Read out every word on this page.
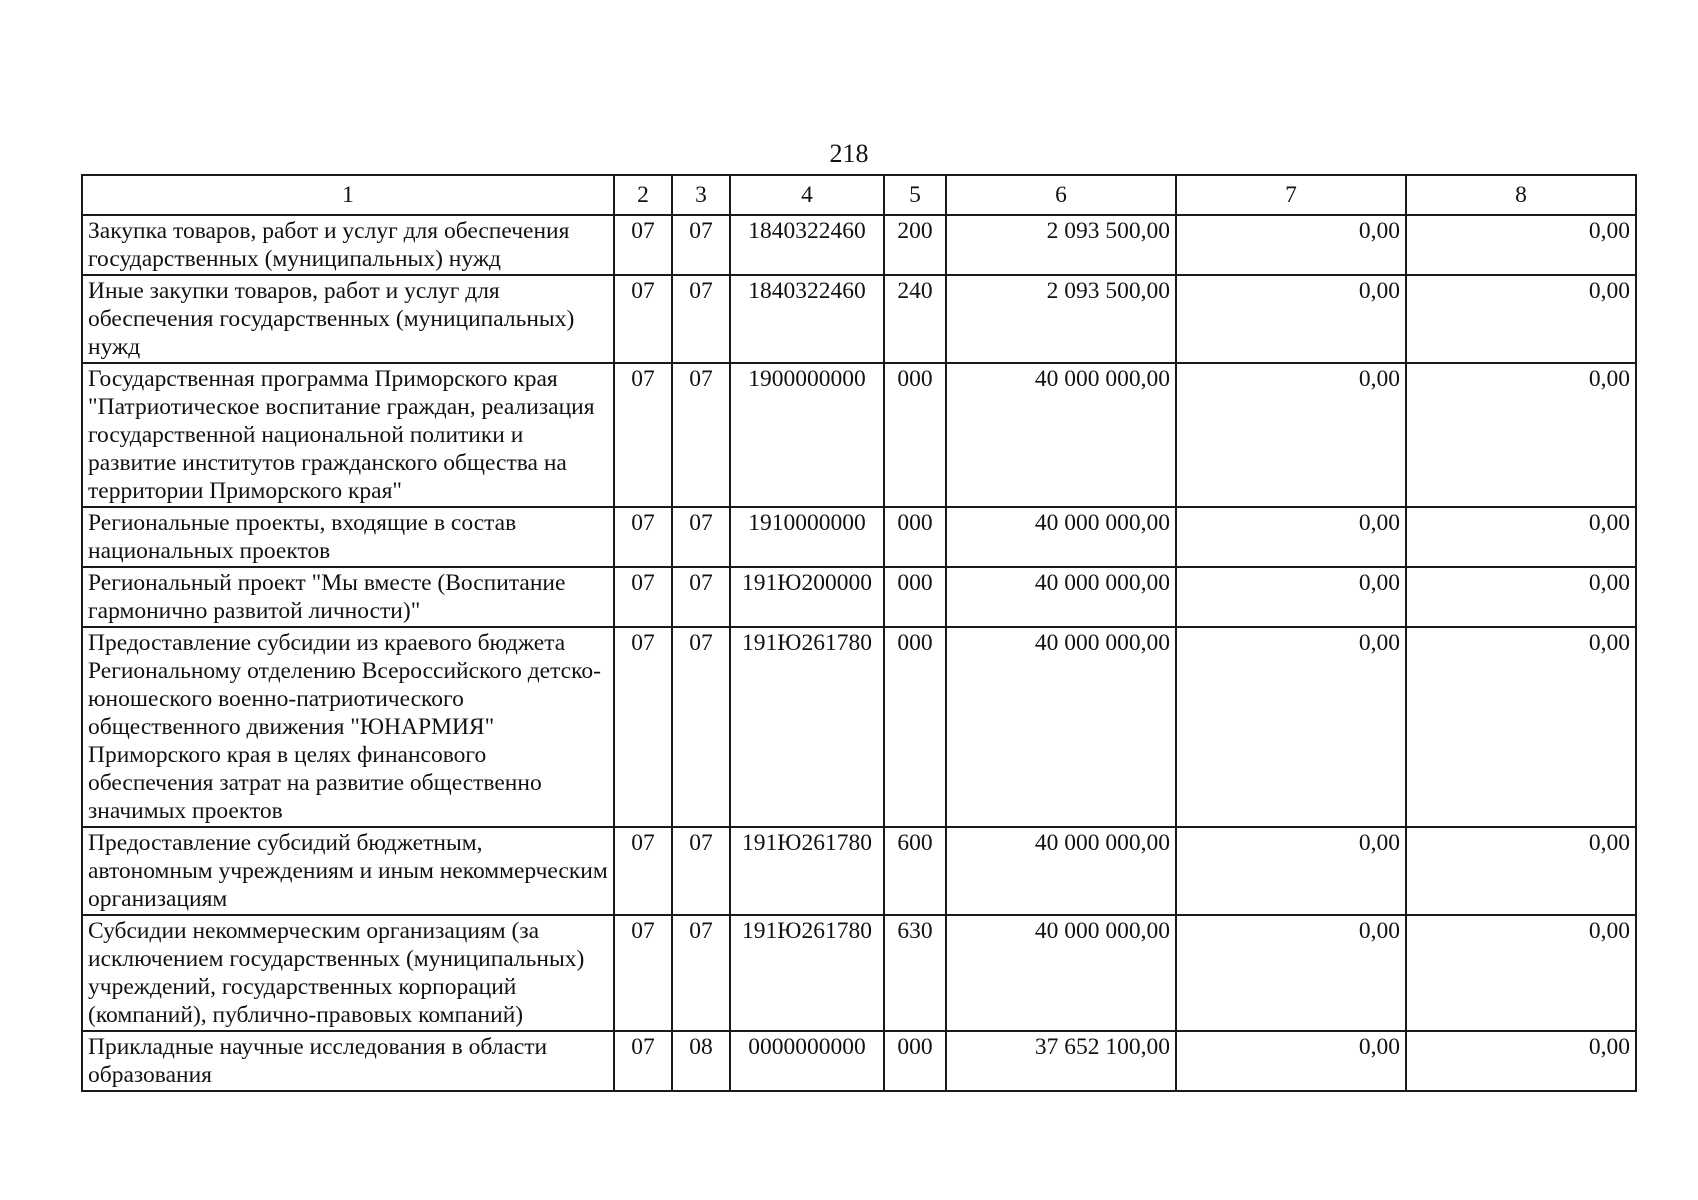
218
1	2	3	4	5	6	7	8
Закупка товаров, работ и услуг для обеспечения государственных (муниципальных) нужд	07	07	1840322460	200	2 093 500,00	0,00	0,00
Иные закупки товаров, работ и услуг для обеспечения государственных (муниципальных) нужд	07	07	1840322460	240	2 093 500,00	0,00	0,00
Государственная программа Приморского края "Патриотическое воспитание граждан, реализация государственной национальной политики и развитие институтов гражданского общества на территории Приморского края"	07	07	1900000000	000	40 000 000,00	0,00	0,00
Региональные проекты, входящие в состав национальных проектов	07	07	1910000000	000	40 000 000,00	0,00	0,00
Региональный проект "Мы вместе (Воспитание гармонично развитой личности)"	07	07	191Ю200000	000	40 000 000,00	0,00	0,00
Предоставление субсидии из краевого бюджета Региональному отделению Всероссийского детско-юношеского военно-патриотического общественного движения "ЮНАРМИЯ" Приморского края в целях финансового обеспечения затрат на развитие общественно значимых проектов	07	07	191Ю261780	000	40 000 000,00	0,00	0,00
Предоставление субсидий бюджетным, автономным учреждениям и иным некоммерческим организациям	07	07	191Ю261780	600	40 000 000,00	0,00	0,00
Субсидии некоммерческим организациям (за исключением государственных (муниципальных) учреждений, государственных корпораций (компаний), публично-правовых компаний)	07	07	191Ю261780	630	40 000 000,00	0,00	0,00
Прикладные научные исследования в области образования	07	08	0000000000	000	37 652 100,00	0,00	0,00
